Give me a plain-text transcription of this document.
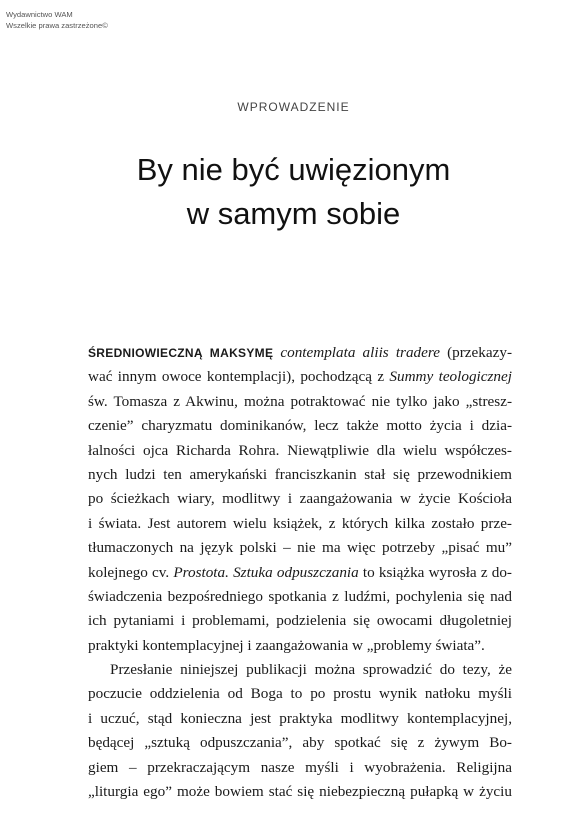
Wydawnictwo WAM
Wszelkie prawa zastrzeżone©
WPROWADZENIE
By nie być uwięzionym
w samym sobie
ŚREDNIOWIECZNĄ MAKSYMĘ contemplata aliis tradere (przekazy-
wać innym owoce kontemplacji), pochodzącą z Summy teologicznej
św. Tomasza z Akwinu, można potraktować nie tylko jako „stresz-
czenie” charyzmatu dominikanów, lecz także motto życia i dzia-
łalności ojca Richarda Rohra. Niewątpliwie dla wielu współczes-
nych ludzi ten amerykański franciszkanin stał się przewodnikiem
po ścieżkach wiary, modlitwy i zaangażowania w życie Kościoła
i świata. Jest autorem wielu książek, z których kilka zostało prze-
tłumaczonych na język polski – nie ma więc potrzeby „pisać mu”
kolejnego cv. Prostota. Sztuka odpuszczania to książka wyrosła z do-
świadczenia bezpośredniego spotkania z ludźmi, pochylenia się nad
ich pytaniami i problemami, podzielenia się owocami długoletniej
praktyki kontemplacyjnej i zaangażowania w „problemy świata”.
Przesłanie niniejszej publikacji można sprowadzić do tezy, że
poczucie oddzielenia od Boga to po prostu wynik natłoku myśli
i uczuć, stąd konieczna jest praktyka modlitwy kontemplacyjnej,
będącej „sztuką odpuszczania”, aby spotkać się z żywym Bo-
giem – przekraczającym nasze myśli i wyobrażenia. Religijna
„liturgia ego” może bowiem stać się niebezpieczną pułapką w życiu
